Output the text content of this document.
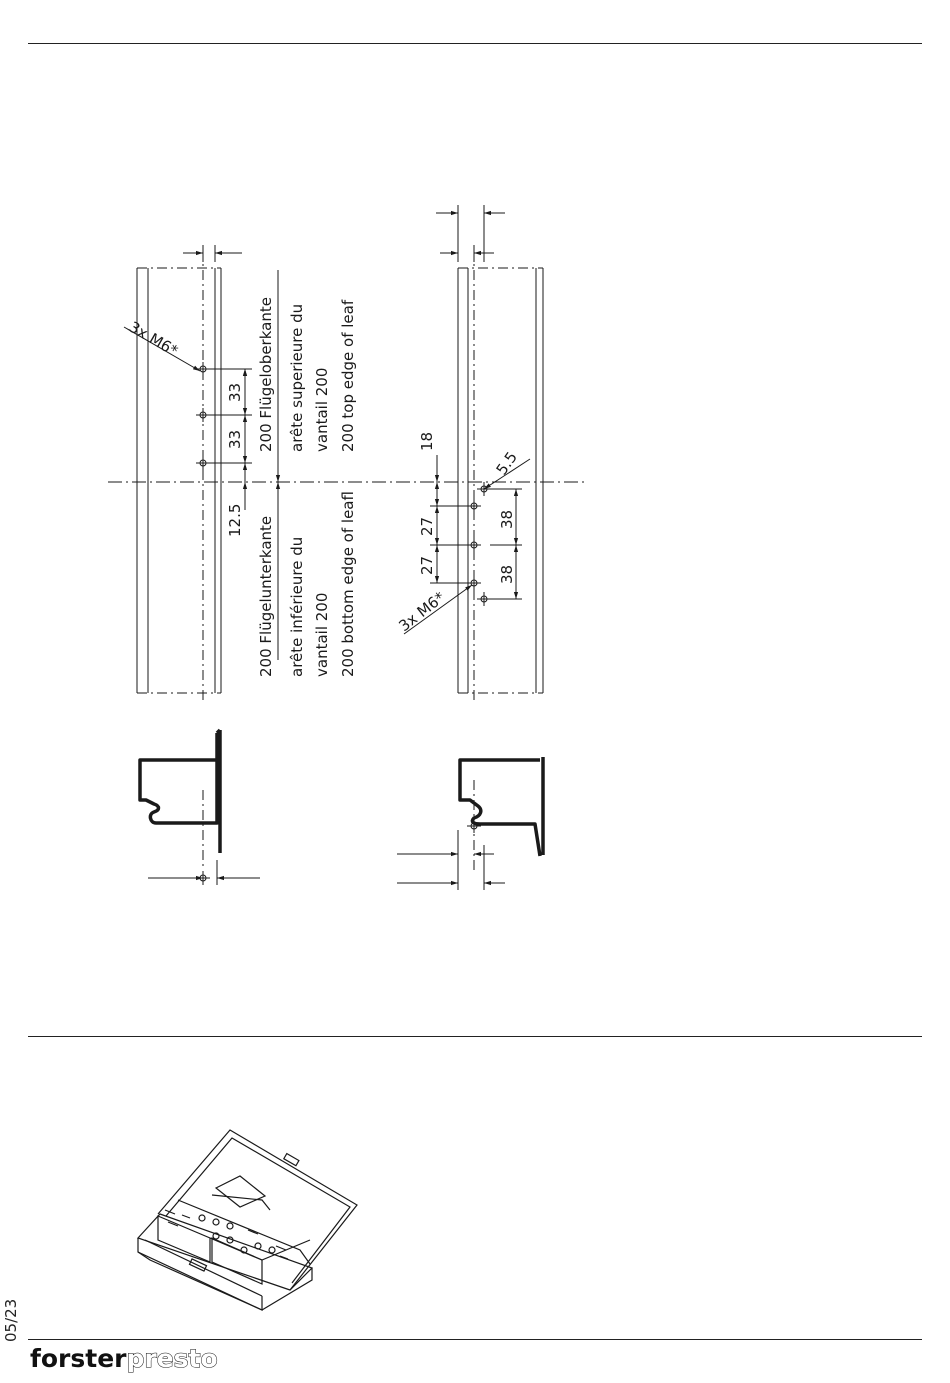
3x M6*
33
33
12.5
200 Flügeloberkante arête superieure du vantail 200 200 top edge of leaf
200 Flügelunterkante arête inférieure du vantail 200 200 bottom edge of leafl
18
5.5
27
27
38
38
3x M6*
05/23
forsterpresto
